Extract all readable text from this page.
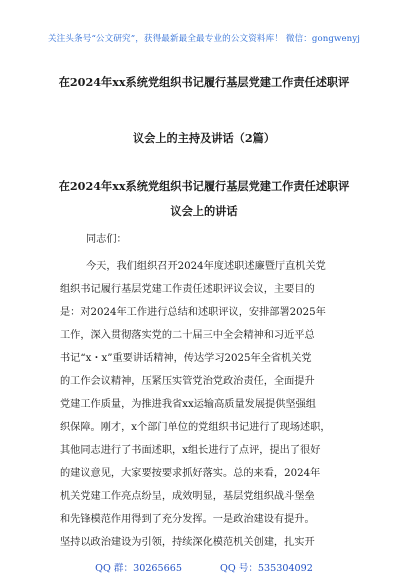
关注头条号“公文研究”，获得最新最全最专业的公文资料库！ 微信：gongwenyj
在2024年xx系统党组织书记履行基层党建工作责任述职评
议会上的主持及讲话（2篇）
在2024年xx系统党组织书记履行基层党建工作责任述职评
议会上的讲话
同志们：
今天，我们组织召开2024年度述职述廉暨厅直机关党
组织书记履行基层党建工作责任述职评议会议，主要目的
是：对2024年工作进行总结和述职评议，安排部署2025年
工作，深入贯彻落实党的二十届三中全会精神和习近平总
书记“x・x”重要讲话精神，传达学习2025年全省机关党
的工作会议精神，压紧压实管党治党政治责任，全面提升
党建工作质量，为推进我省xx运输高质量发展提供坚强组
织保障。刚才，x个部门单位的党组织书记进行了现场述职，
其他同志进行了书面述职，x组长进行了点评，提出了很好
的建议意见，大家要按要求抓好落实。总的来看，2024年
机关党建工作亮点纷呈，成效明显，基层党组织战斗堡垒
和先锋模范作用得到了充分发挥。一是政治建设有提升。
坚持以政治建设为引领，持续深化模范机关创建，扎实开
QQ 群：30265665	QQ 号：535304092
